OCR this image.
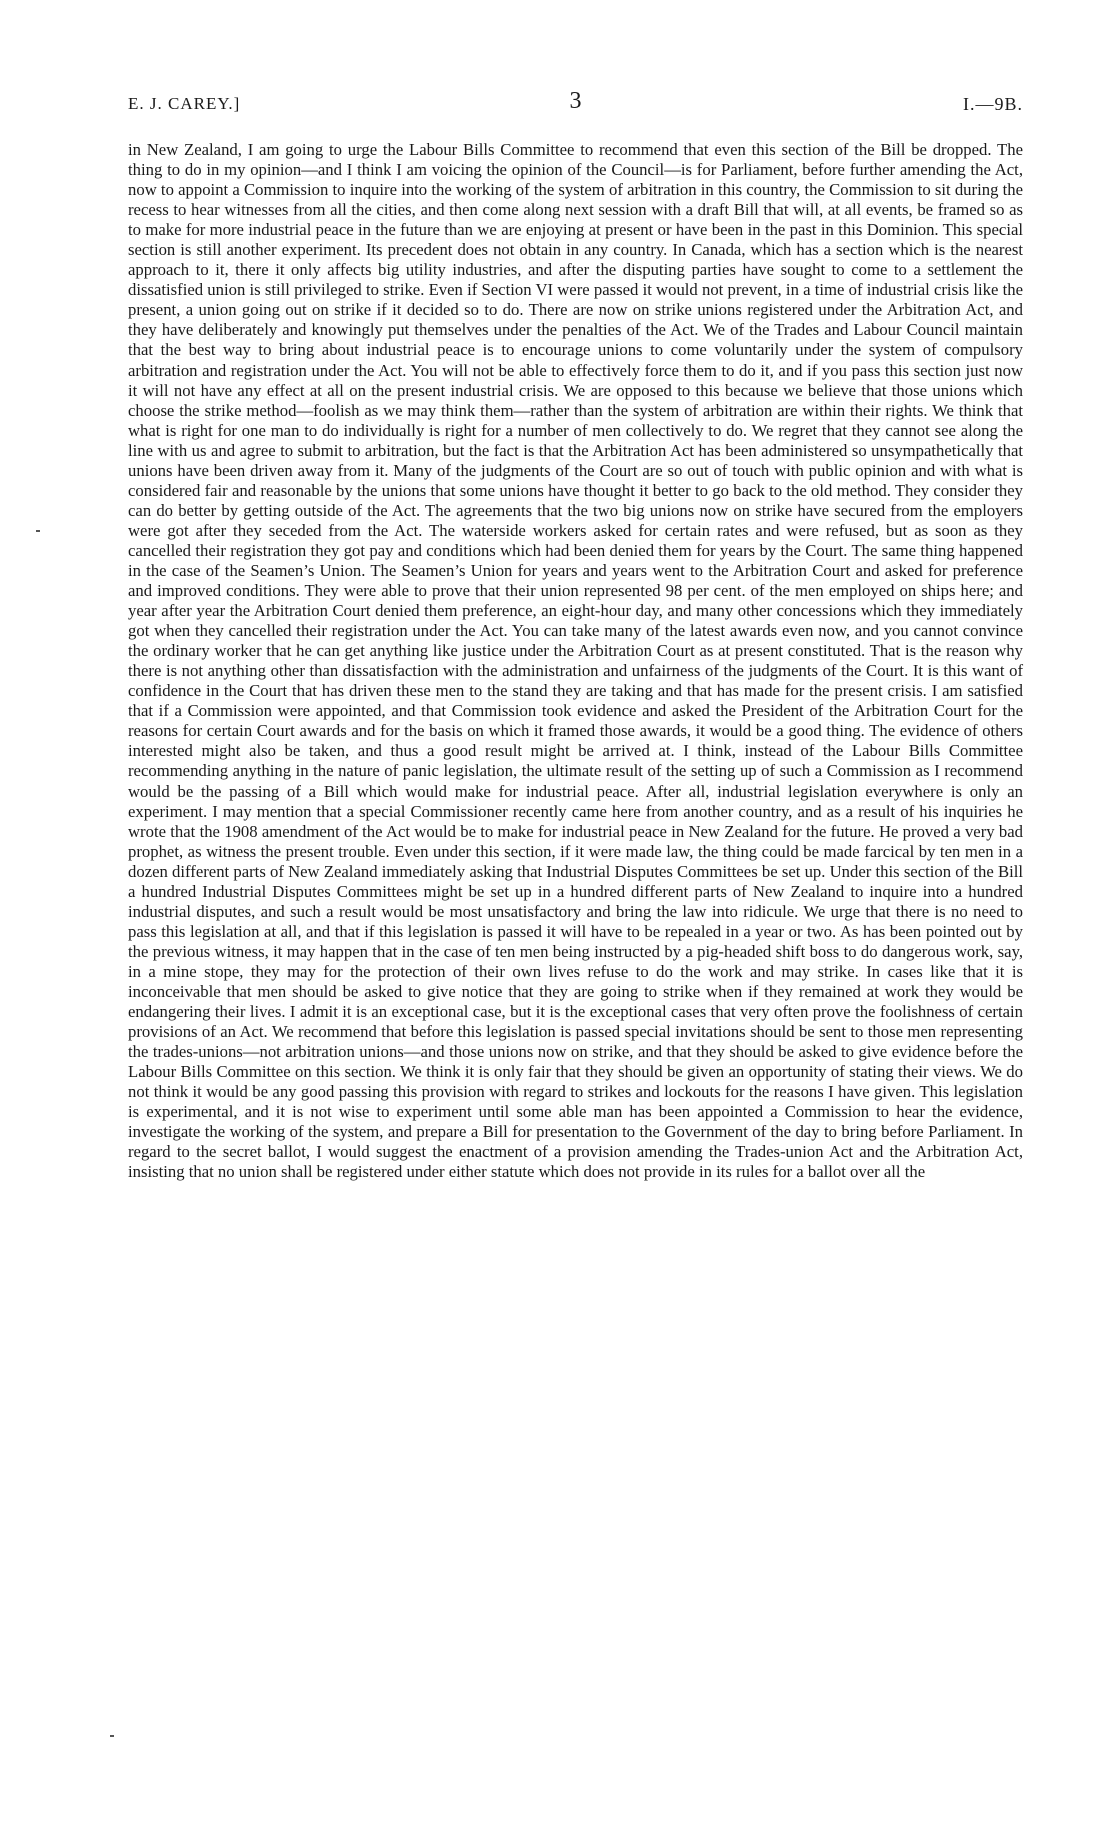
E. J. CAREY.]	3	I.—9B.

in New Zealand, I am going to urge the Labour Bills Committee to recommend that even this section of the Bill be dropped. The thing to do in my opinion—and I think I am voicing the opinion of the Council—is for Parliament, before further amending the Act, now to appoint a Commission to inquire into the working of the system of arbitration in this country, the Commission to sit during the recess to hear witnesses from all the cities, and then come along next session with a draft Bill that will, at all events, be framed so as to make for more industrial peace in the future than we are enjoying at present or have been in the past in this Dominion. This special section is still another experiment. Its precedent does not obtain in any country. In Canada, which has a section which is the nearest approach to it, there it only affects big utility industries, and after the disputing parties have sought to come to a settlement the dissatisfied union is still privileged to strike. Even if Section VI were passed it would not prevent, in a time of industrial crisis like the present, a union going out on strike if it decided so to do. There are now on strike unions registered under the Arbitration Act, and they have deliberately and knowingly put themselves under the penalties of the Act. We of the Trades and Labour Council maintain that the best way to bring about industrial peace is to encourage unions to come voluntarily under the system of compulsory arbitration and registration under the Act. You will not be able to effectively force them to do it, and if you pass this section just now it will not have any effect at all on the present industrial crisis. We are opposed to this because we believe that those unions which choose the strike method—foolish as we may think them—rather than the system of arbitration are within their rights. We think that what is right for one man to do individually is right for a number of men collectively to do. We regret that they cannot see along the line with us and agree to submit to arbitration, but the fact is that the Arbitration Act has been administered so unsympathetically that unions have been driven away from it. Many of the judgments of the Court are so out of touch with public opinion and with what is considered fair and reasonable by the unions that some unions have thought it better to go back to the old method. They consider they can do better by getting outside of the Act. The agreements that the two big unions now on strike have secured from the employers were got after they seceded from the Act. The waterside workers asked for certain rates and were refused, but as soon as they cancelled their registration they got pay and conditions which had been denied them for years by the Court. The same thing happened in the case of the Seamen’s Union. The Seamen’s Union for years and years went to the Arbitration Court and asked for preference and improved conditions. They were able to prove that their union represented 98 per cent. of the men employed on ships here; and year after year the Arbitration Court denied them preference, an eight-hour day, and many other concessions which they immediately got when they cancelled their registration under the Act. You can take many of the latest awards even now, and you cannot convince the ordinary worker that he can get anything like justice under the Arbitration Court as at present constituted. That is the reason why there is not anything other than dissatisfaction with the administration and unfairness of the judgments of the Court. It is this want of confidence in the Court that has driven these men to the stand they are taking and that has made for the present crisis. I am satisfied that if a Commission were appointed, and that Commission took evidence and asked the President of the Arbitration Court for the reasons for certain Court awards and for the basis on which it framed those awards, it would be a good thing. The evidence of others interested might also be taken, and thus a good result might be arrived at. I think, instead of the Labour Bills Committee recommending anything in the nature of panic legislation, the ultimate result of the setting up of such a Commission as I recommend would be the passing of a Bill which would make for industrial peace. After all, industrial legislation everywhere is only an experiment. I may mention that a special Commissioner recently came here from another country, and as a result of his inquiries he wrote that the 1908 amendment of the Act would be to make for industrial peace in New Zealand for the future. He proved a very bad prophet, as witness the present trouble. Even under this section, if it were made law, the thing could be made farcical by ten men in a dozen different parts of New Zealand immediately asking that Industrial Disputes Committees be set up. Under this section of the Bill a hundred Industrial Disputes Committees might be set up in a hundred different parts of New Zealand to inquire into a hundred industrial disputes, and such a result would be most unsatisfactory and bring the law into ridicule. We urge that there is no need to pass this legislation at all, and that if this legislation is passed it will have to be repealed in a year or two. As has been pointed out by the previous witness, it may happen that in the case of ten men being instructed by a pig-headed shift boss to do dangerous work, say, in a mine stope, they may for the protection of their own lives refuse to do the work and may strike. In cases like that it is inconceivable that men should be asked to give notice that they are going to strike when if they remained at work they would be endangering their lives. I admit it is an exceptional case, but it is the exceptional cases that very often prove the foolishness of certain provisions of an Act. We recommend that before this legislation is passed special invitations should be sent to those men representing the trades-unions—not arbitration unions—and those unions now on strike, and that they should be asked to give evidence before the Labour Bills Committee on this section. We think it is only fair that they should be given an opportunity of stating their views. We do not think it would be any good passing this provision with regard to strikes and lockouts for the reasons I have given. This legislation is experimental, and it is not wise to experiment until some able man has been appointed a Commission to hear the evidence, investigate the working of the system, and prepare a Bill for presentation to the Government of the day to bring before Parliament. In regard to the secret ballot, I would suggest the enactment of a provision amending the Trades-union Act and the Arbitration Act, insisting that no union shall be registered under either statute which does not provide in its rules for a ballot over all the
